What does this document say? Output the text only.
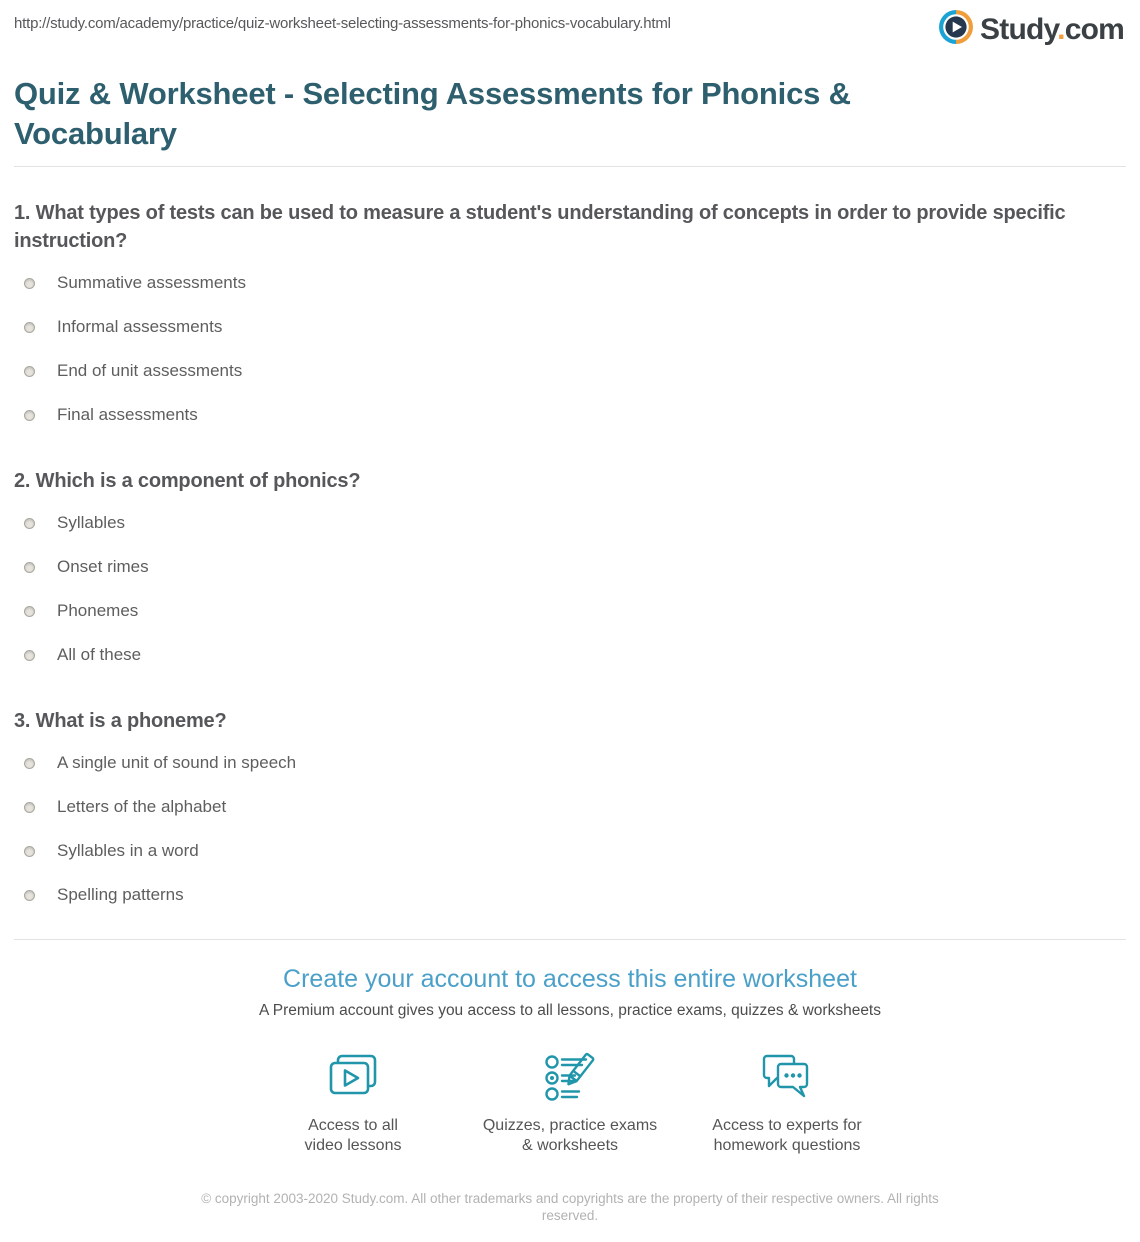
http://study.com/academy/practice/quiz-worksheet-selecting-assessments-for-phonics-vocabulary.html	Study.com
Quiz & Worksheet - Selecting Assessments for Phonics &
Vocabulary
1. What types of tests can be used to measure a student's understanding of concepts in order to provide specific instruction?
Summative assessments
Informal assessments
End of unit assessments
Final assessments
2. Which is a component of phonics?
Syllables
Onset rimes
Phonemes
All of these
3. What is a phoneme?
A single unit of sound in speech
Letters of the alphabet
Syllables in a word
Spelling patterns
Create your account to access this entire worksheet

A Premium account gives you access to all lessons, practice exams, quizzes & worksheets

Access to all
video lessons
Quizzes, practice exams
& worksheets
Access to experts for
homework questions
© copyright 2003-2020 Study.com. All other trademarks and copyrights are the property of their respective owners. All rights reserved.
